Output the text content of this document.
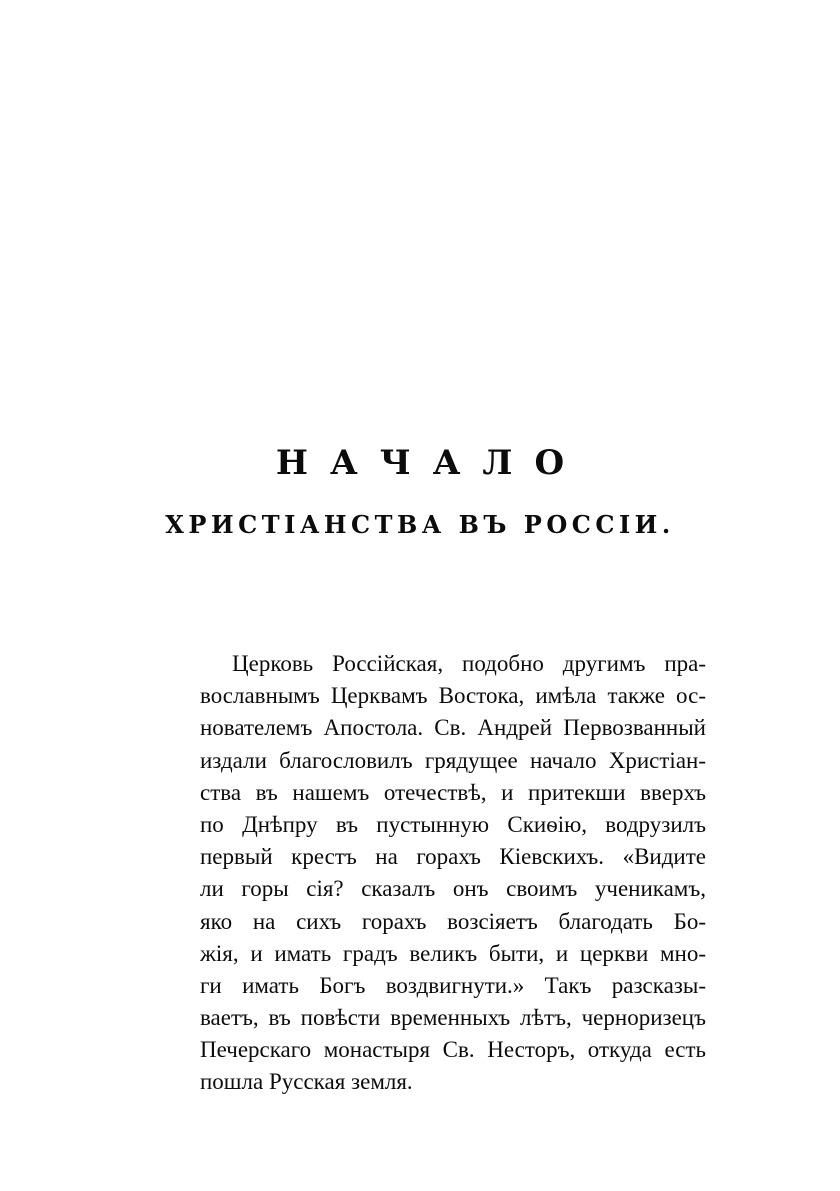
НАЧАЛО
ХРИСТІАНСТВА ВЪ РОССІИ.
Церковь Россійская, подобно другимъ пра-
вославнымъ Церквамъ Востока, имѣла также ос-
нователемъ Апостола. Св. Андрей Первозванный
издали благословилъ грядущее начало Христіан-
ства въ нашемъ отечествѣ, и притекши вверхъ
по Днѣпру въ пустынную Скиѳію, водрузилъ
первый крестъ на горахъ Кіевскихъ. «Видите
ли горы сія? сказалъ онъ своимъ ученикамъ,
яко на сихъ горахъ возсіяетъ благодать Бо-
жія, и имать градъ великъ быти, и церкви мно-
ги имать Богъ воздвигнути.» Такъ разсказы-
ваетъ, въ повѣсти временныхъ лѣтъ, черноризецъ
Печерскаго монастыря Св. Несторъ, откуда есть
пошла Русская земля.
